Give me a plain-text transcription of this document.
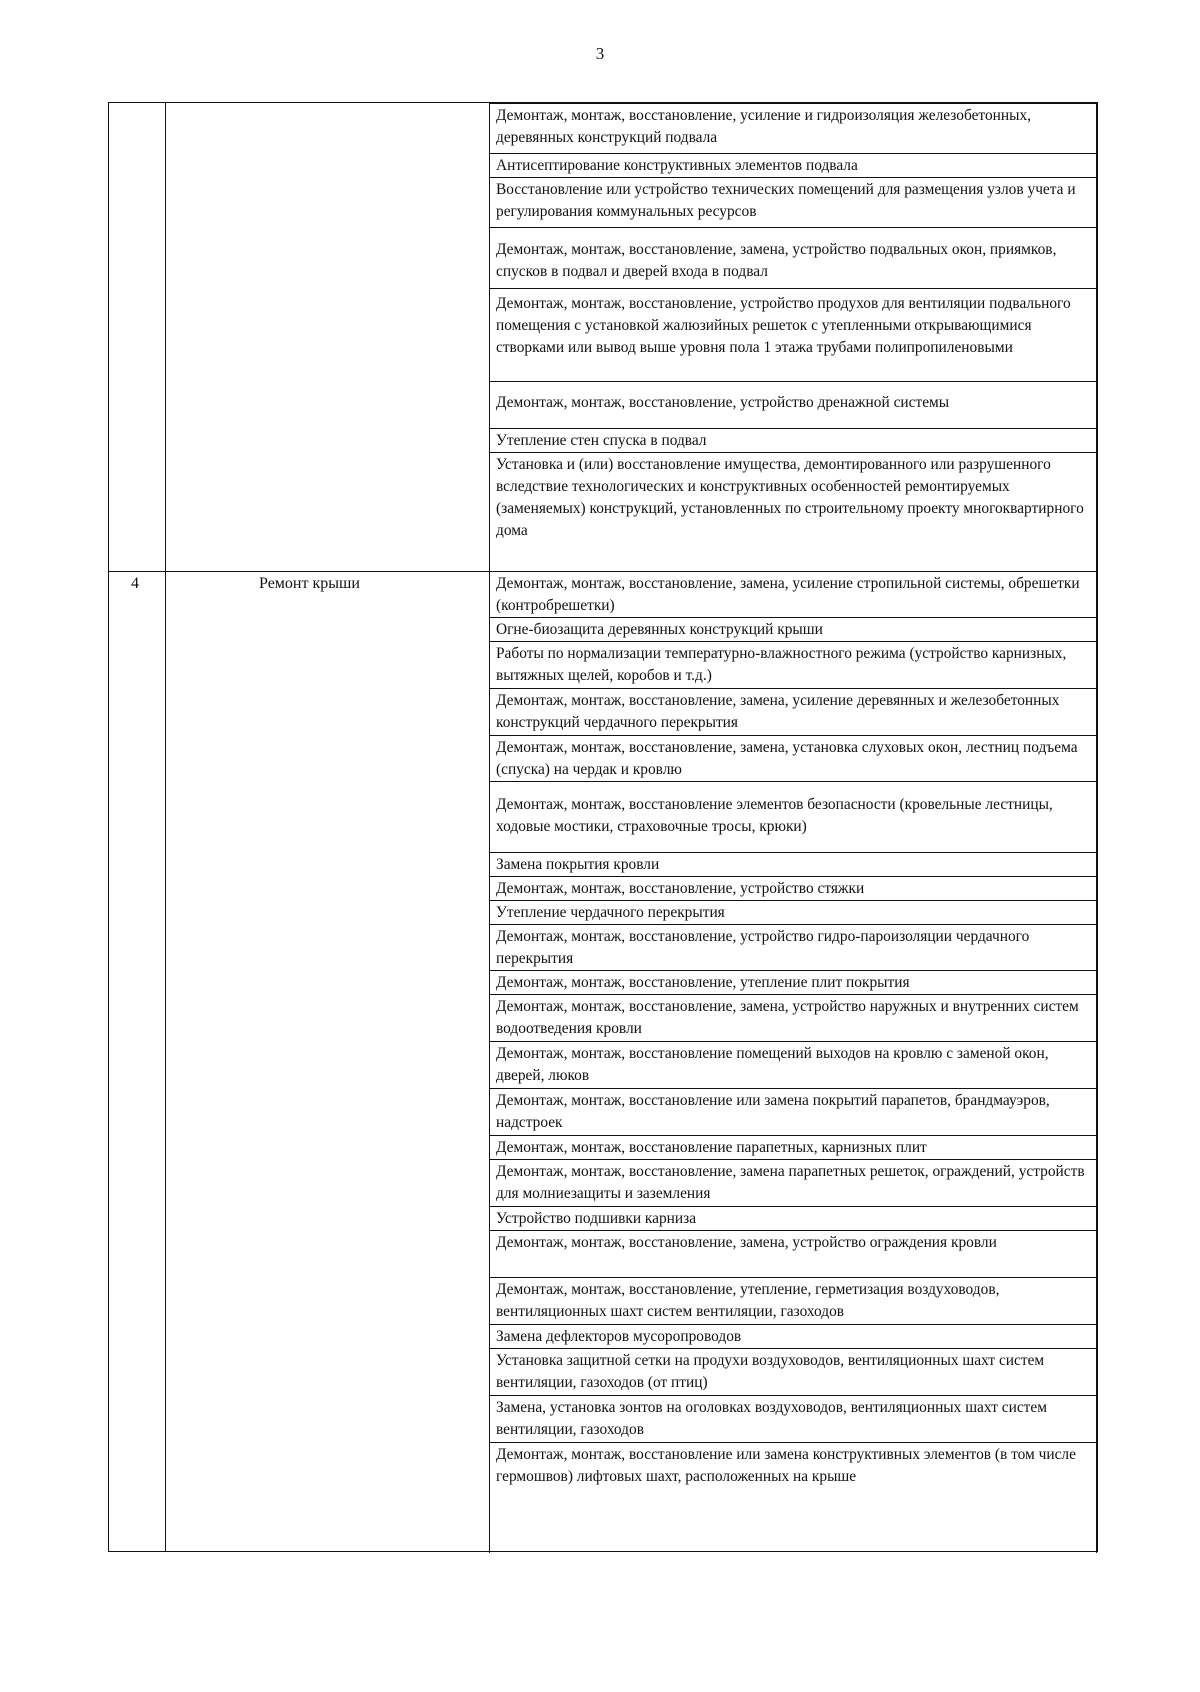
3
4	Ремонт крыши
Демонтаж, монтаж, восстановление, усиление и гидроизоляция железобетонных, деревянных конструкций подвала
Антисептирование конструктивных элементов подвала
Восстановление или устройство технических помещений для размещения узлов учета и регулирования коммунальных ресурсов
Демонтаж, монтаж, восстановление, замена, устройство подвальных окон, приямков, спусков в подвал и дверей входа в подвал
Демонтаж, монтаж, восстановление, устройство продухов для вентиляции подвального помещения с установкой жалюзийных решеток с утепленными открывающимися створками или вывод выше уровня пола 1 этажа трубами полипропиленовыми
Демонтаж, монтаж, восстановление, устройство дренажной системы
Утепление стен спуска в подвал
Установка и (или) восстановление имущества, демонтированного или разрушенного вследствие технологических и конструктивных особенностей ремонтируемых (заменяемых) конструкций, установленных по строительному проекту многоквартирного дома
Демонтаж, монтаж, восстановление, замена, усиление стропильной системы, обрешетки (контробрешетки)
Огне-биозащита деревянных конструкций крыши
Работы по нормализации температурно-влажностного режима (устройство карнизных, вытяжных щелей, коробов и т.д.)
Демонтаж, монтаж, восстановление, замена, усиление деревянных и железобетонных конструкций чердачного перекрытия
Демонтаж, монтаж, восстановление, замена, установка слуховых окон, лестниц подъема (спуска) на чердак и кровлю
Демонтаж, монтаж, восстановление элементов безопасности (кровельные лестницы, ходовые мостики, страховочные тросы, крюки)
Замена покрытия кровли
Демонтаж, монтаж, восстановление, устройство стяжки
Утепление чердачного перекрытия
Демонтаж, монтаж, восстановление, устройство гидро-пароизоляции чердачного перекрытия
Демонтаж, монтаж, восстановление, утепление плит покрытия
Демонтаж, монтаж, восстановление, замена, устройство наружных и внутренних систем водоотведения кровли
Демонтаж, монтаж, восстановление помещений выходов на кровлю с заменой окон, дверей, люков
Демонтаж, монтаж, восстановление или замена покрытий парапетов, брандмауэров, надстроек
Демонтаж, монтаж, восстановление парапетных, карнизных плит
Демонтаж, монтаж, восстановление, замена парапетных решеток, ограждений, устройств для молниезащиты и заземления
Устройство подшивки карниза
Демонтаж, монтаж, восстановление, замена, устройство ограждения кровли
Демонтаж, монтаж, восстановление, утепление, герметизация воздуховодов, вентиляционных шахт систем вентиляции, газоходов
Замена дефлекторов мусоропроводов
Установка защитной сетки на продухи воздуховодов, вентиляционных шахт систем вентиляции, газоходов (от птиц)
Замена, установка зонтов на оголовках воздуховодов, вентиляционных шахт систем вентиляции, газоходов
Демонтаж, монтаж, восстановление или замена конструктивных элементов (в том числе гермошвов) лифтовых шахт, расположенных на крыше
